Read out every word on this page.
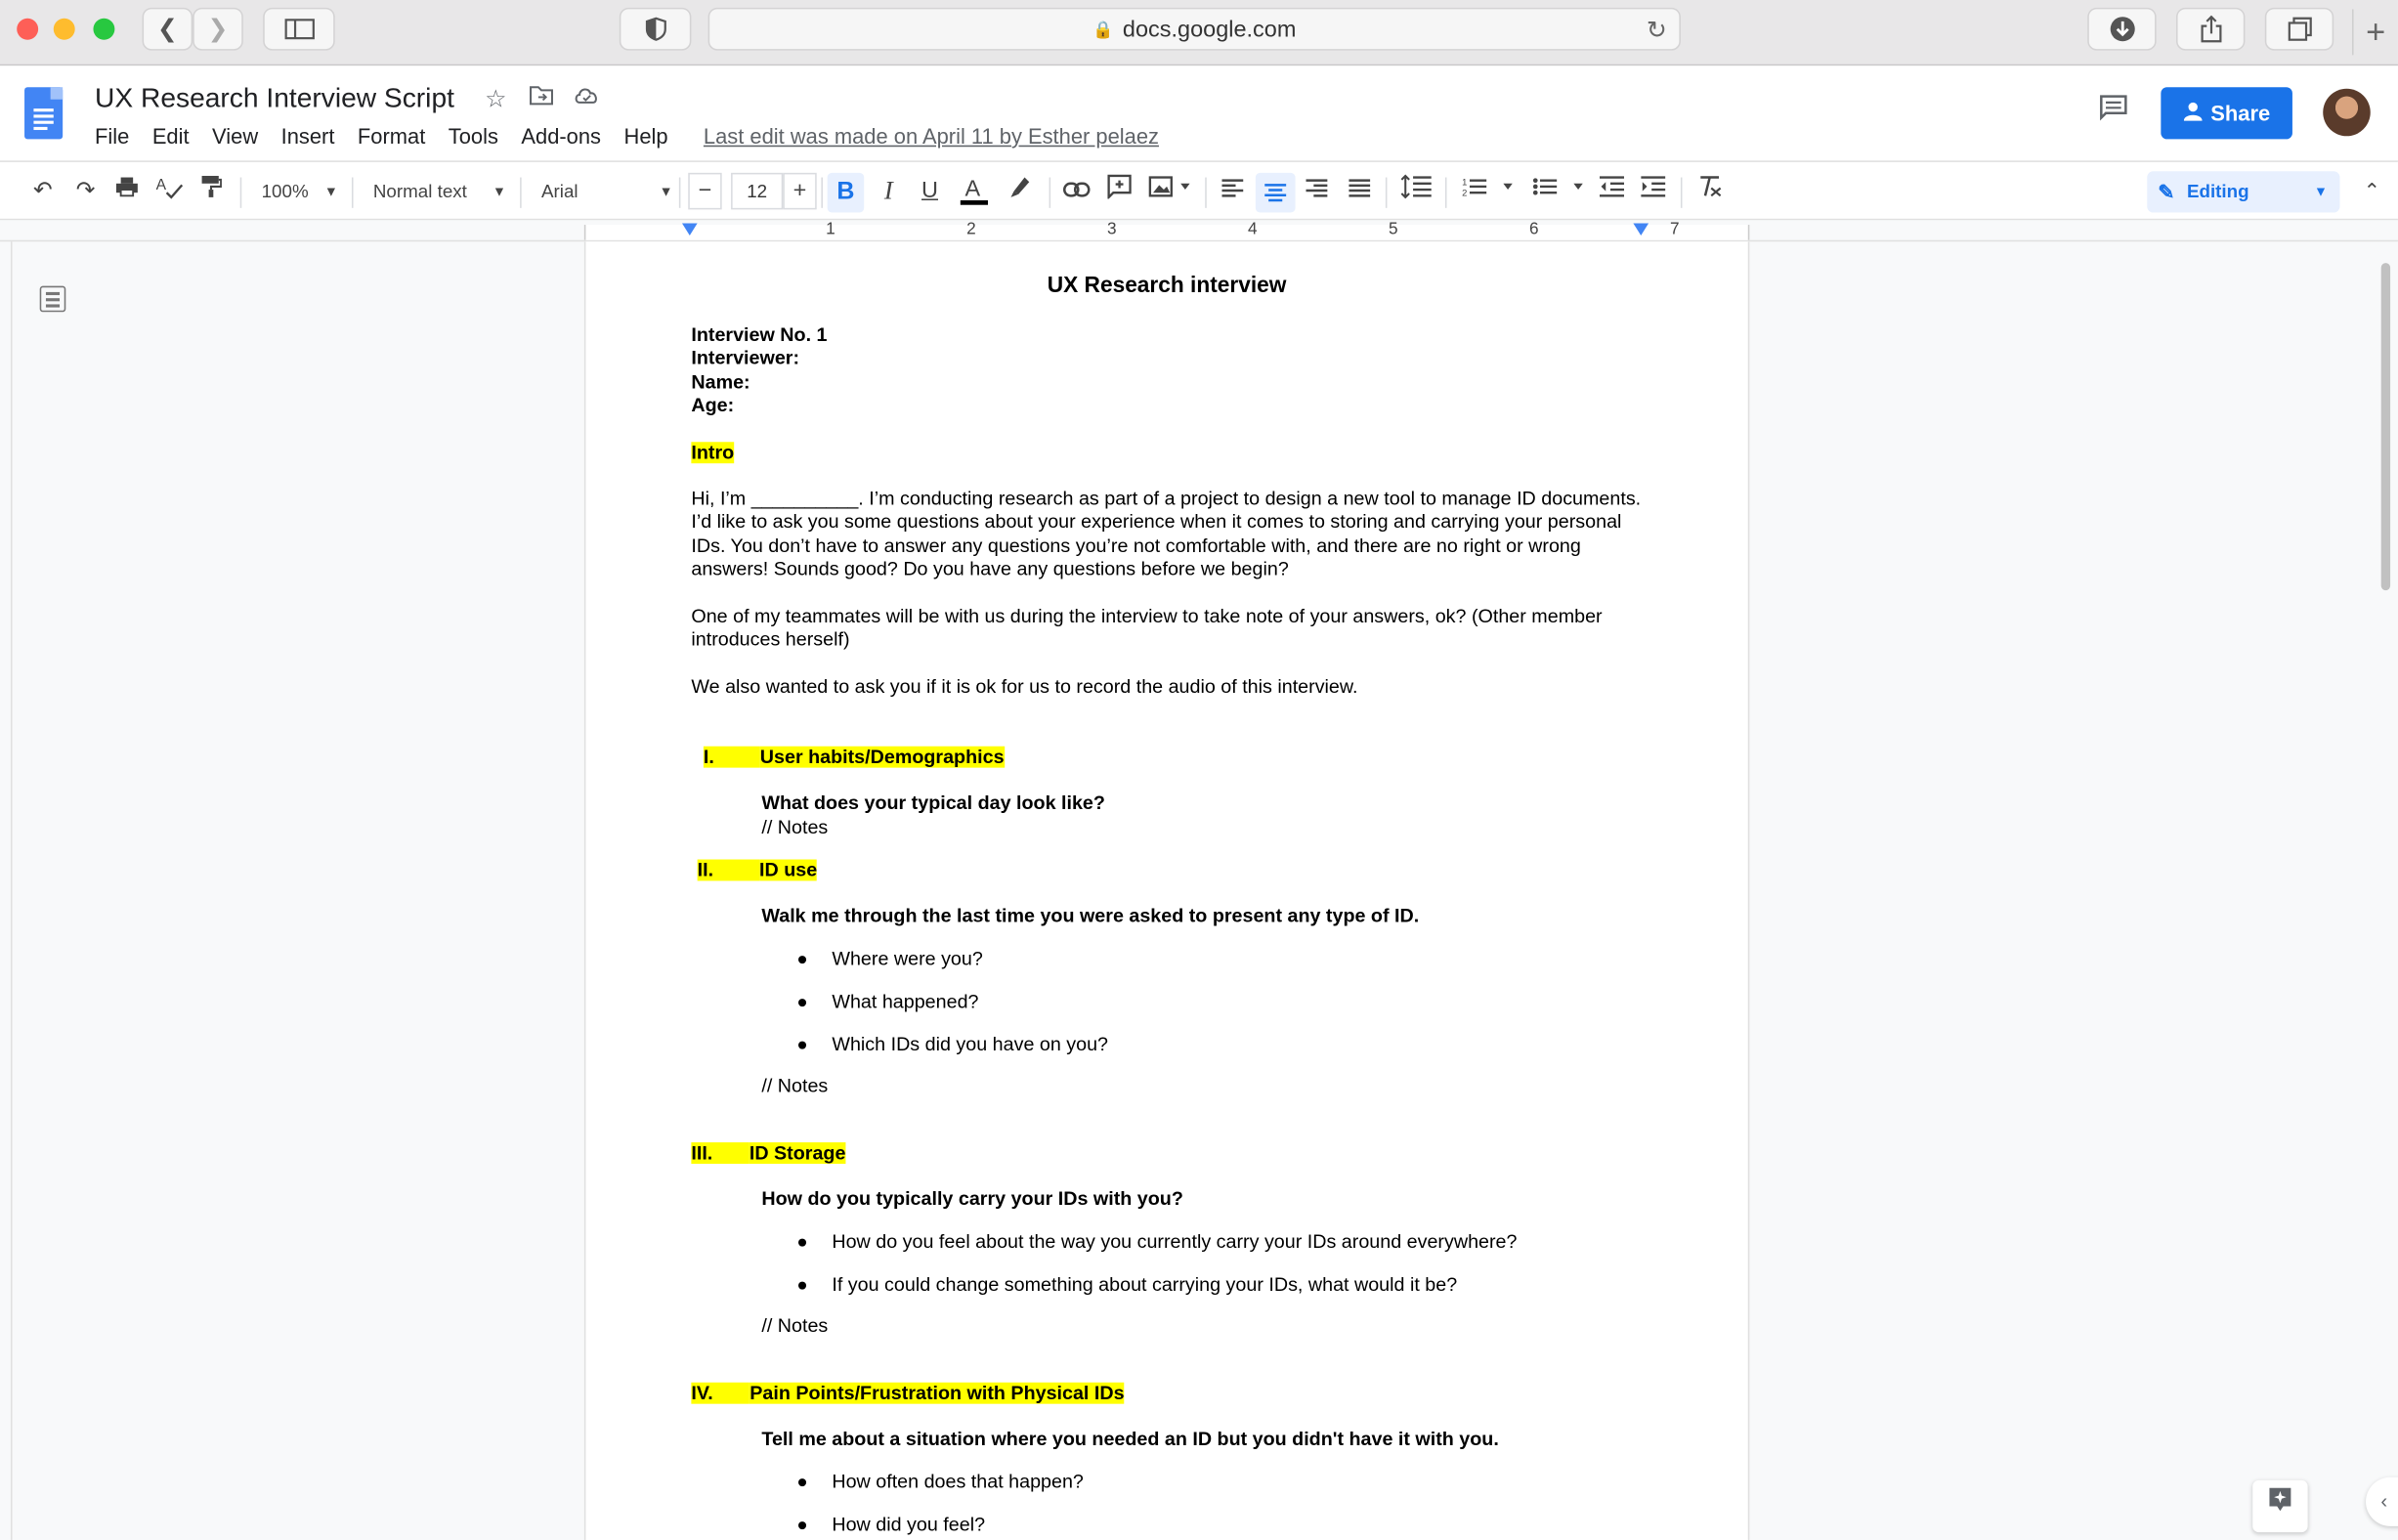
❮ ❯	🔒 docs.google.com	↻	+
UX Research Interview Script ☆
File Edit View Insert Format Tools Add-ons Help	Last edit was made on April 11 by Esther pelaez
Share
↶	↷	A	100% ▼	Normal text	▼	Arial	▼	−	12	+	B	I	U	A	1
2	✎ Editing	▼	⌃
1	2	3	4	5	6	7
UX Research interview
Interview No. 1
Interviewer:
Name:
Age:
Intro
Hi, I’m __________. I’m conducting research as part of a project to design a new tool to manage ID documents.
I’d like to ask you some questions about your experience when it comes to storing and carrying your personal
IDs. You don’t have to answer any questions you’re not comfortable with, and there are no right or wrong
answers! Sounds good? Do you have any questions before we begin?
One of my teammates will be with us during the interview to take note of your answers, ok? (Other member
introduces herself)
We also wanted to ask you if it is ok for us to record the audio of this interview.
I.	User habits/Demographics
What does your typical day look like?
// Notes
II.	ID use
Walk me through the last time you were asked to present any type of ID.
● Where were you?
● What happened?
● Which IDs did you have on you?
// Notes
III.	ID Storage
How do you typically carry your IDs with you?
● How do you feel about the way you currently carry your IDs around everywhere?
● If you could change something about carrying your IDs, what would it be?
// Notes
IV.	Pain Points/Frustration with Physical IDs
Tell me about a situation where you needed an ID but you didn't have it with you.
● How often does that happen?
● How did you feel?
‹
